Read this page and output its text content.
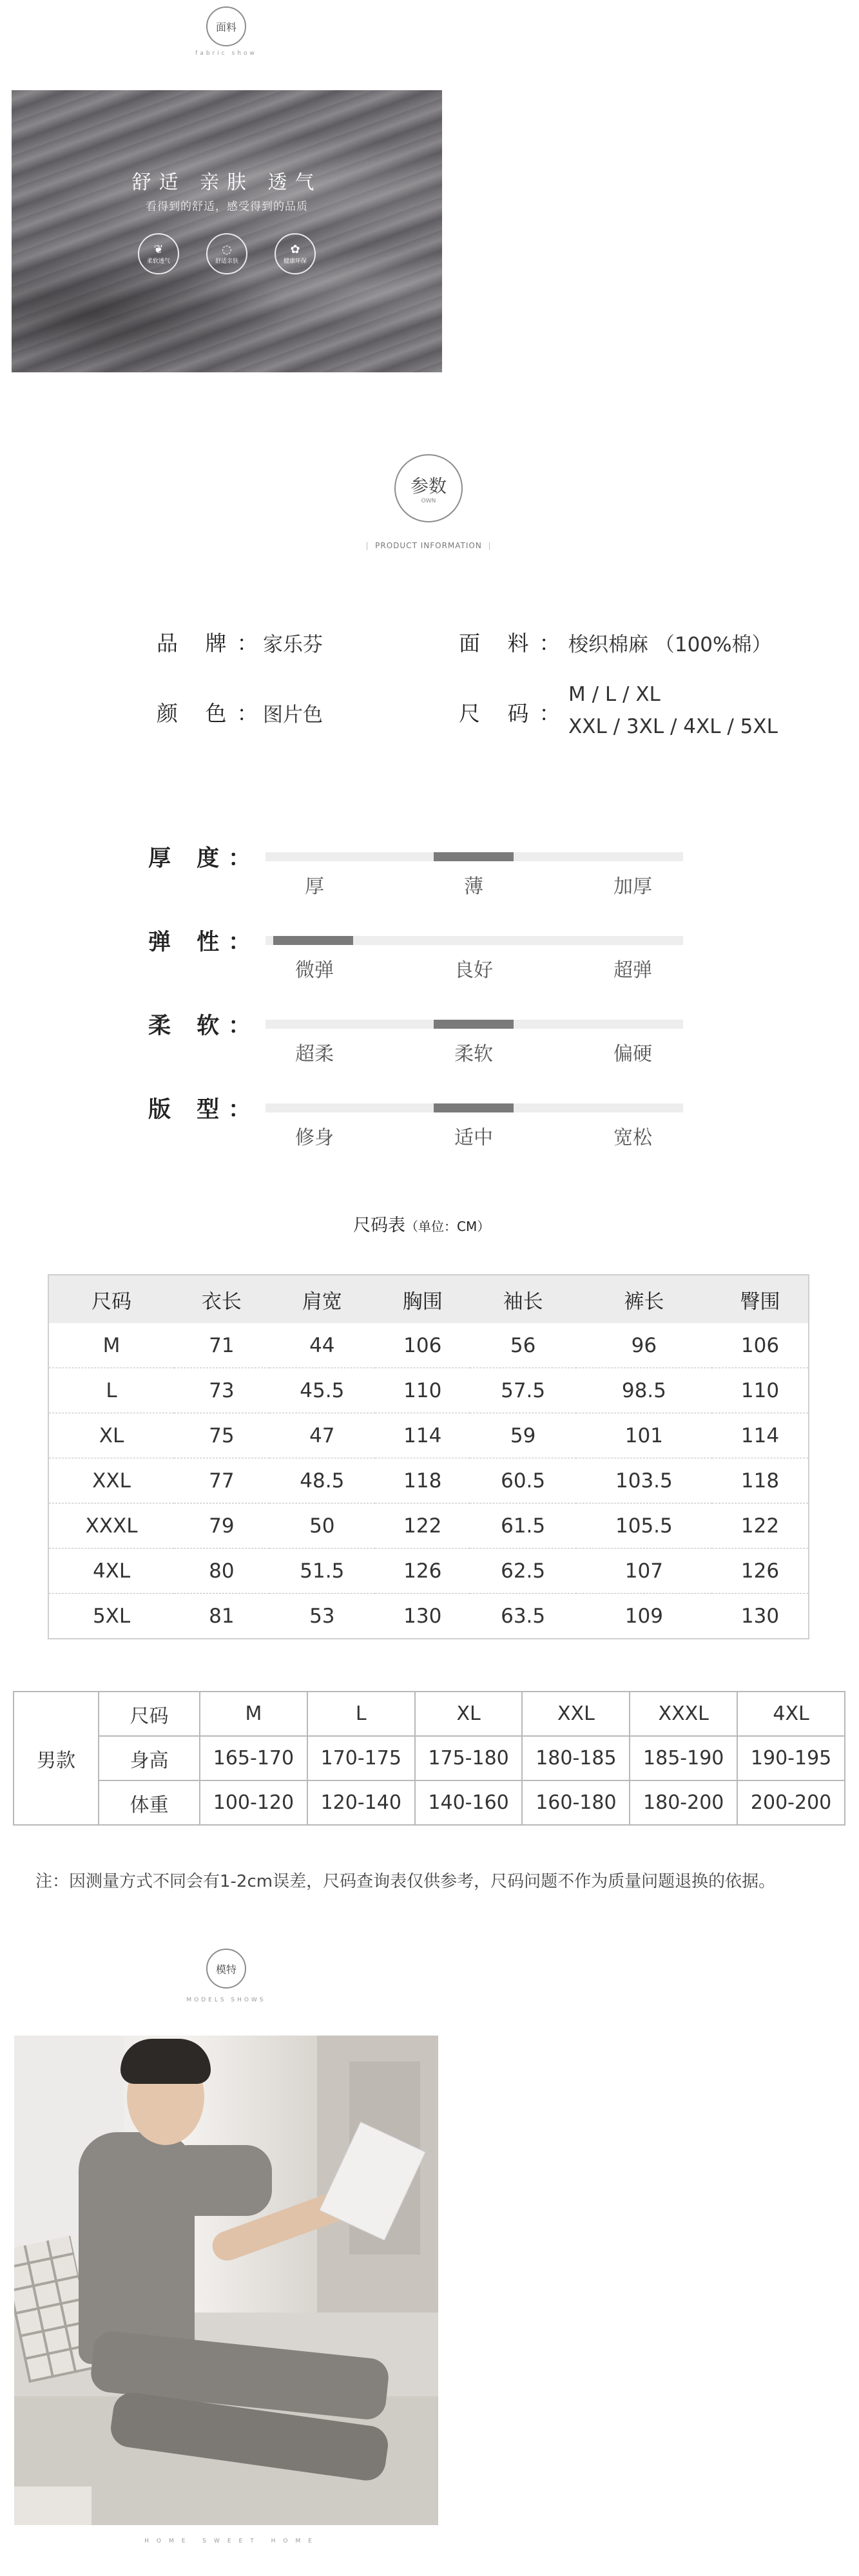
面料
fabric show
舒适 亲肤 透气
看得到的舒适，感受得到的品质
❦
柔软透气
◌
舒适亲肤
✿
健康环保
参数
OWN
|  PRODUCT INFORMATION  |
品 牌：
家乐芬	面 料：
梭织棉麻 （100%棉）
颜 色：
图片色	尺 码：
M / L / XL
XXL / 3XL / 4XL / 5XL
厚 度：
厚	薄	加厚
弹 性：
微弹	良好	超弹
柔 软：
超柔	柔软	偏硬
版 型：
修身	适中	宽松
尺码表（单位：CM）
尺码	衣长	肩宽	胸围	袖长	裤长	臀围
M	71	44	106	56	96	106
L	73	45.5	110	57.5	98.5	110
XL	75	47	114	59	101	114
XXL	77	48.5	118	60.5	103.5	118
XXXL	79	50	122	61.5	105.5	122
4XL	80	51.5	126	62.5	107	126
5XL	81	53	130	63.5	109	130
男款	尺码	M	L	XL	XXL	XXXL	4XL
	身高	165-170	170-175	175-180	180-185	185-190	190-195
	体重	100-120	120-140	140-160	160-180	180-200	200-200
注：因测量方式不同会有1-2cm误差，尺码查询表仅供参考，尺码问题不作为质量问题退换的依据。
模特
MODELS SHOWS
HOME SWEET HOME
